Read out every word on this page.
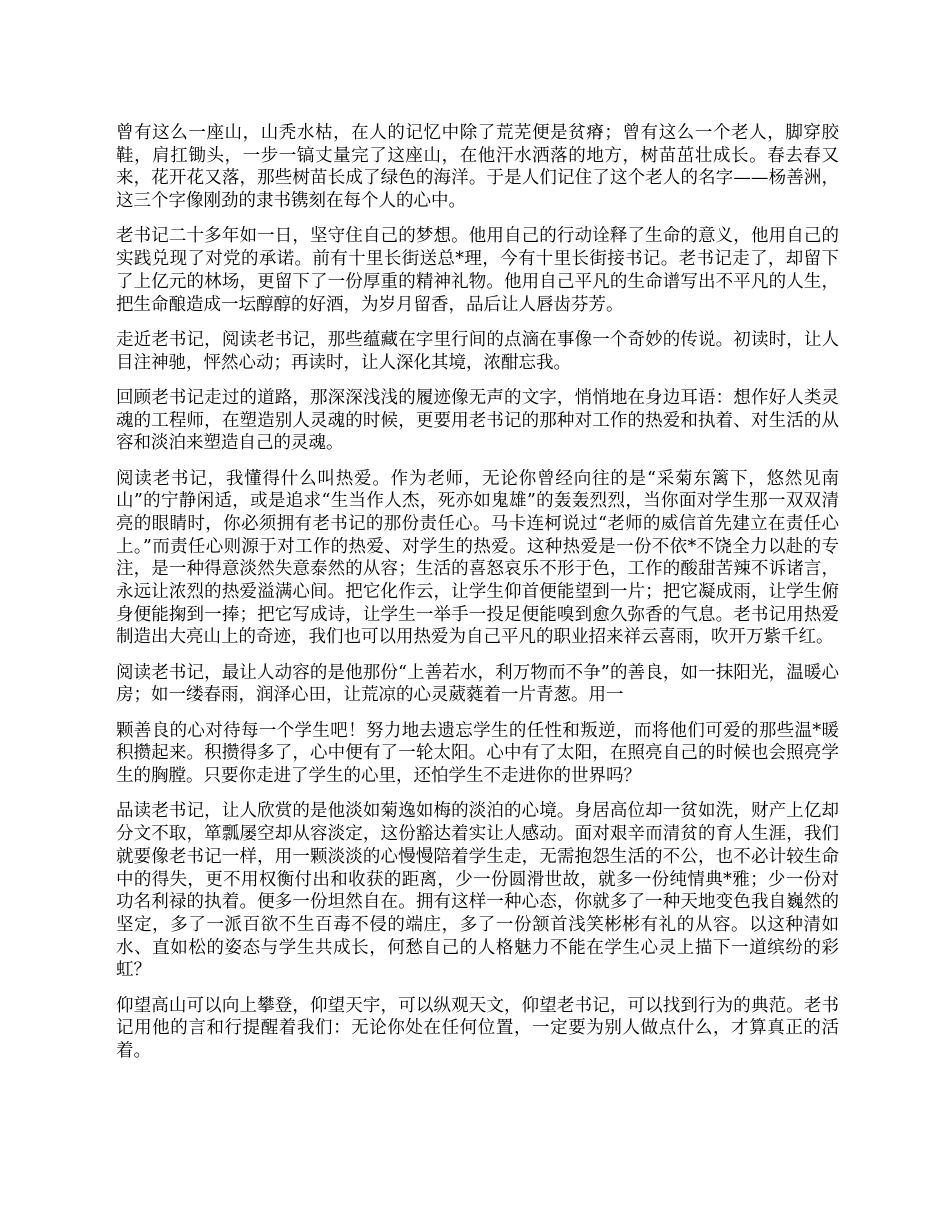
曾有这么一座山，山秃水枯，在人的记忆中除了荒芜便是贫瘠；曾有这么一个老人，脚穿胶鞋，肩扛锄头，一步一镐丈量完了这座山，在他汗水洒落的地方，树苗茁壮成长。春去春又来，花开花又落，那些树苗长成了绿色的海洋。于是人们记住了这个老人的名字——杨善洲，这三个字像刚劲的隶书镌刻在每个人的心中。

老书记二十多年如一日，坚守住自己的梦想。他用自己的行动诠释了生命的意义，他用自己的实践兑现了对党的承诺。前有十里长街送总*理，今有十里长街接书记。老书记走了，却留下了上亿元的林场，更留下了一份厚重的精神礼物。他用自己平凡的生命谱写出不平凡的人生，把生命酿造成一坛醇醇的好酒，为岁月留香，品后让人唇齿芬芳。

走近老书记，阅读老书记，那些蕴藏在字里行间的点滴在事像一个奇妙的传说。初读时，让人目注神驰，怦然心动；再读时，让人深化其境，浓酣忘我。

回顾老书记走过的道路，那深深浅浅的履迹像无声的文字，悄悄地在身边耳语：想作好人类灵魂的工程师，在塑造别人灵魂的时候，更要用老书记的那种对工作的热爱和执着、对生活的从容和淡泊来塑造自己的灵魂。

阅读老书记，我懂得什么叫热爱。作为老师，无论你曾经向往的是“采菊东篱下，悠然见南山”的宁静闲适，或是追求“生当作人杰，死亦如鬼雄”的轰轰烈烈，当你面对学生那一双双清亮的眼睛时，你必须拥有老书记的那份责任心。马卡连柯说过“老师的威信首先建立在责任心上。”而责任心则源于对工作的热爱、对学生的热爱。这种热爱是一份不依*不饶全力以赴的专注，是一种得意淡然失意泰然的从容；生活的喜怒哀乐不形于色，工作的酸甜苦辣不诉诸言，永远让浓烈的热爱溢满心间。把它化作云，让学生仰首便能望到一片；把它凝成雨，让学生俯身便能掬到一捧；把它写成诗，让学生一举手一投足便能嗅到愈久弥香的气息。老书记用热爱制造出大亮山上的奇迹，我们也可以用热爱为自己平凡的职业招来祥云喜雨，吹开万紫千红。

阅读老书记，最让人动容的是他那份“上善若水，利万物而不争”的善良，如一抹阳光，温暖心房；如一缕春雨，润泽心田，让荒凉的心灵葳蕤着一片青葱。用一

颗善良的心对待每一个学生吧！努力地去遗忘学生的任性和叛逆，而将他们可爱的那些温*暖积攒起来。积攒得多了，心中便有了一轮太阳。心中有了太阳，在照亮自己的时候也会照亮学生的胸膛。只要你走进了学生的心里，还怕学生不走进你的世界吗？

品读老书记，让人欣赏的是他淡如菊逸如梅的淡泊的心境。身居高位却一贫如洗，财产上亿却分文不取，箪瓢屡空却从容淡定，这份豁达着实让人感动。面对艰辛而清贫的育人生涯，我们就要像老书记一样，用一颗淡淡的心慢慢陪着学生走，无需抱怨生活的不公，也不必计较生命中的得失，更不用权衡付出和收获的距离，少一份圆滑世故，就多一份纯情典*雅；少一份对功名利禄的执着。便多一份坦然自在。拥有这样一种心态，你就多了一种天地变色我自巍然的坚定，多了一派百欲不生百毒不侵的端庄，多了一份颔首浅笑彬彬有礼的从容。以这种清如水、直如松的姿态与学生共成长，何愁自己的人格魅力不能在学生心灵上描下一道缤纷的彩虹？

仰望高山可以向上攀登，仰望天宇，可以纵观天文，仰望老书记，可以找到行为的典范。老书记用他的言和行提醒着我们：无论你处在任何位置，一定要为别人做点什么，才算真正的活着。
